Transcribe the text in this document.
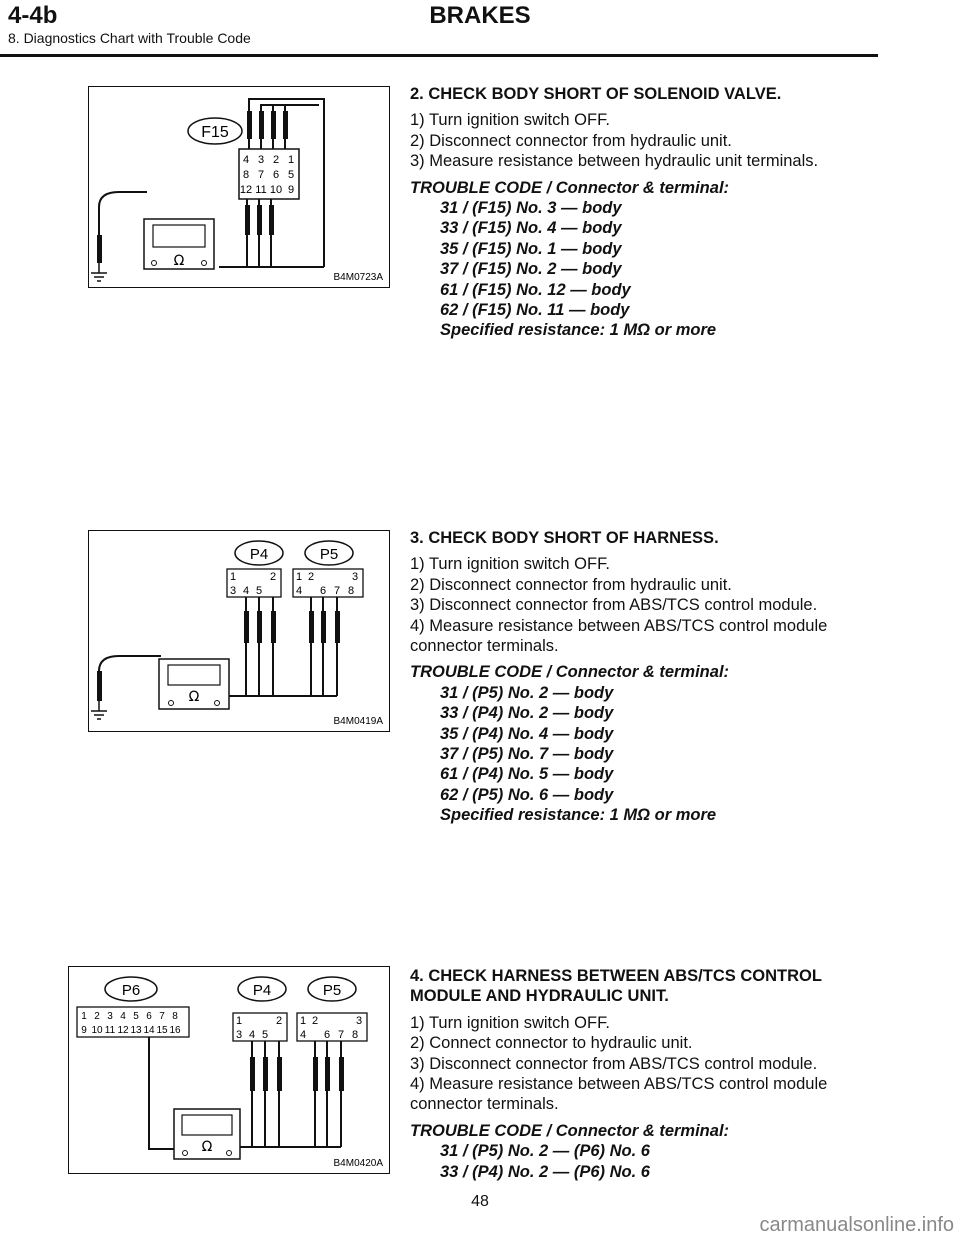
4-4b
8. Diagnostics Chart with Trouble Code
BRAKES
F15
4 3 2 1
8 7 6 5
12 11 10 9
Ω
B4M0723A
2. CHECK BODY SHORT OF SOLENOID VALVE.
1) Turn ignition switch OFF.
2) Disconnect connector from hydraulic unit.
3) Measure resistance between hydraulic unit terminals.
TROUBLE CODE / Connector & terminal:
31 / (F15) No. 3 — body
33 / (F15) No. 4 — body
35 / (F15) No. 1 — body
37 / (F15) No. 2 — body
61 / (F15) No. 12 — body
62 / (F15) No. 11 — body
Specified resistance: 1 MΩ or more
P4	P5
1	2
3 4 5
1 2	3
4 6 7 8
Ω
B4M0419A
3. CHECK BODY SHORT OF HARNESS.
1) Turn ignition switch OFF.
2) Disconnect connector from hydraulic unit.
3) Disconnect connector from ABS/TCS control module.
4) Measure resistance between ABS/TCS control module connector terminals.
TROUBLE CODE / Connector & terminal:
31 / (P5) No. 2 — body
33 / (P4) No. 2 — body
35 / (P4) No. 4 — body
37 / (P5) No. 7 — body
61 / (P4) No. 5 — body
62 / (P5) No. 6 — body
Specified resistance: 1 MΩ or more
P6	P4	P5
1 2 3 4 5 6 7 8
9 10 11 12 13 14 15 16
1	2
3 4 5
1 2	3
4 6 7 8
Ω
B4M0420A
4. CHECK HARNESS BETWEEN ABS/TCS CONTROL MODULE AND HYDRAULIC UNIT.
1) Turn ignition switch OFF.
2) Connect connector to hydraulic unit.
3) Disconnect connector from ABS/TCS control module.
4) Measure resistance between ABS/TCS control module connector terminals.
TROUBLE CODE / Connector & terminal:
31 / (P5) No. 2 — (P6) No. 6
33 / (P4) No. 2 — (P6) No. 6
48
carmanualsonline.info
